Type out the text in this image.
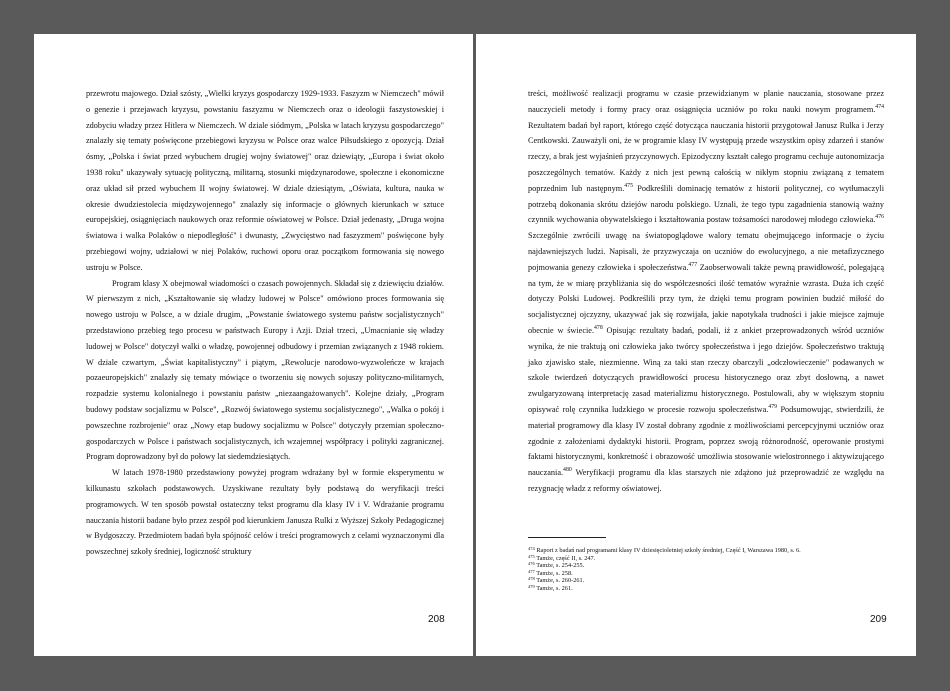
przewrotu majowego. Dział szósty, „Wielki kryzys gospodarczy 1929-1933. Faszyzm w Niemczech" mówił o genezie i przejawach kryzysu, powstaniu faszyzmu w Niemczech oraz o ideologii faszystowskiej i zdobyciu władzy przez Hitlera w Niemczech. W dziale siódmym, „Polska w latach kryzysu gospodarczego" znalazły się tematy poświęcone przebiegowi kryzysu w Polsce oraz walce Piłsudskiego z opozycją. Dział ósmy, „Polska i świat przed wybuchem drugiej wojny światowej" oraz dziewiąty, „Europa i świat około 1938 roku" ukazywały sytuację polityczną, militarną, stosunki międzynarodowe, społeczne i ekonomiczne oraz układ sił przed wybuchem II wojny światowej. W dziale dziesiątym, „Oświata, kultura, nauka w okresie dwudziestolecia międzywojennego" znalazły się informacje o głównych kierunkach w sztuce europejskiej, osiągnięciach naukowych oraz reformie oświatowej w Polsce. Dział jedenasty, „Druga wojna światowa i walka Polaków o niepodległość" i dwunasty, „Zwycięstwo nad faszyzmem" poświęcone były przebiegowi wojny, udziałowi w niej Polaków, ruchowi oporu oraz początkom formowania się nowego ustroju w Polsce.

Program klasy X obejmował wiadomości o czasach powojennych. Składał się z dziewięciu działów. W pierwszym z nich, „Kształtowanie się władzy ludowej w Polsce" omówiono proces formowania się nowego ustroju w Polsce, a w dziale drugim, „Powstanie światowego systemu państw socjalistycznych" przedstawiono przebieg tego procesu w państwach Europy i Azji. Dział trzeci, „Umacnianie się władzy ludowej w Polsce" dotyczył walki o władzę, powojennej odbudowy i przemian związanych z 1948 rokiem. W dziale czwartym, „Świat kapitalistyczny" i piątym, „Rewolucje narodowo-wyzwoleńcze w krajach pozaeuropejskich" znalazły się tematy mówiące o tworzeniu się nowych sojuszy polityczno-militarnych, rozpadzie systemu kolonialnego i powstaniu państw „niezaangażowanych". Kolejne działy, „Program budowy podstaw socjalizmu w Polsce", „Rozwój światowego systemu socjalistycznego", „Walka o pokój i powszechne rozbrojenie" oraz „Nowy etap budowy socjalizmu w Polsce" dotyczyły przemian społeczno-gospodarczych w Polsce i państwach socjalistycznych, ich wzajemnej współpracy i polityki zagranicznej. Program doprowadzony był do połowy lat siedemdziesiątych.

W latach 1978-1980 przedstawiony powyżej program wdrażany był w formie eksperymentu w kilkunastu szkołach podstawowych. Uzyskiwane rezultaty były podstawą do weryfikacji treści programowych. W ten sposób powstał ostateczny tekst programu dla klasy IV i V. Wdrażanie programu nauczania historii badane było przez zespół pod kierunkiem Janusza Rulki z Wyższej Szkoły Pedagogicznej w Bydgoszczy. Przedmiotem badań była spójność celów i treści programowych z celami wyznaczonymi dla powszechnej szkoły średniej, logiczność struktury

208

treści, możliwość realizacji programu w czasie przewidzianym w planie nauczania, stosowane przez nauczycieli metody i formy pracy oraz osiągnięcia uczniów po roku nauki nowym programem.$^{474}$ Rezultatem badań był raport, którego część dotycząca nauczania historii przygotował Janusz Rulka i Jerzy Centkowski. Zauważyli oni, że w programie klasy IV występują przede wszystkim opisy zdarzeń i stanów rzeczy, a brak jest wyjaśnień przyczynowych. Epizodyczny kształt całego programu cechuje autonomizacja poszczególnych tematów. Każdy z nich jest pewną całością w nikłym stopniu związaną z tematem poprzednim lub następnym.$^{475}$ Podkreślili dominację tematów z historii politycznej, co wytłumaczyli potrzebą dokonania skrótu dziejów narodu polskiego. Uznali, że tego typu zagadnienia stanowią ważny czynnik wychowania obywatelskiego i kształtowania postaw tożsamości narodowej młodego człowieka.$^{476}$ Szczególnie zwrócili uwagę na światopoglądowe walory tematu obejmującego informacje o życiu najdawniejszych ludzi. Napisali, że przyzwyczaja on uczniów do ewolucyjnego, a nie metafizycznego pojmowania genezy człowieka i społeczeństwa.$^{477}$ Zaobserwowali także pewną prawidłowość, polegającą na tym, że w miarę przybliżania się do współczesności ilość tematów wyraźnie wzrasta. Duża ich część dotyczy Polski Ludowej. Podkreślili przy tym, że dzięki temu program powinien budzić miłość do socjalistycznej ojczyzny, ukazywać jak się rozwijała, jakie napotykała trudności i jakie miejsce zajmuje obecnie w świecie.$^{478}$ Opisując rezultaty badań, podali, iż z ankiet przeprowadzonych wśród uczniów wynika, że nie traktują oni człowieka jako twórcy społeczeństwa i jego dziejów. Społeczeństwo traktują jako zjawisko stałe, niezmienne. Winą za taki stan rzeczy obarczyli „odczłowieczenie" podawanych w szkole twierdzeń dotyczących prawidłowości procesu historycznego oraz zbyt dosłowną, a nawet zwulgaryzowaną interpretację zasad materializmu historycznego. Postulowali, aby w większym stopniu opisywać rolę czynnika ludzkiego w procesie rozwoju społeczeństwa.$^{479}$ Podsumowując, stwierdzili, że materiał programowy dla klasy IV został dobrany zgodnie z możliwościami percepcyjnymi uczniów oraz zgodnie z założeniami dydaktyki historii. Program, poprzez swoją różnorodność, operowanie prostymi faktami historycznymi, konkretność i obrazowość umożliwia stosowanie wielostronnego i aktywizującego nauczania.$^{480}$ Weryfikacji programu dla klas starszych nie zdążono już przeprowadzić ze względu na rezygnację władz z reformy oświatowej.

$^{474}$ Raport z badań nad programami klasy IV dziesięcioletniej szkoły średniej, Część I, Warszawa 1980, s. 6.
$^{475}$ Tamże, część II, s. 247.
$^{476}$ Tamże, s. 254-255.
$^{477}$ Tamże, s. 258.
$^{478}$ Tamże, s. 260-261.
$^{479}$ Tamże, s. 261.
209
